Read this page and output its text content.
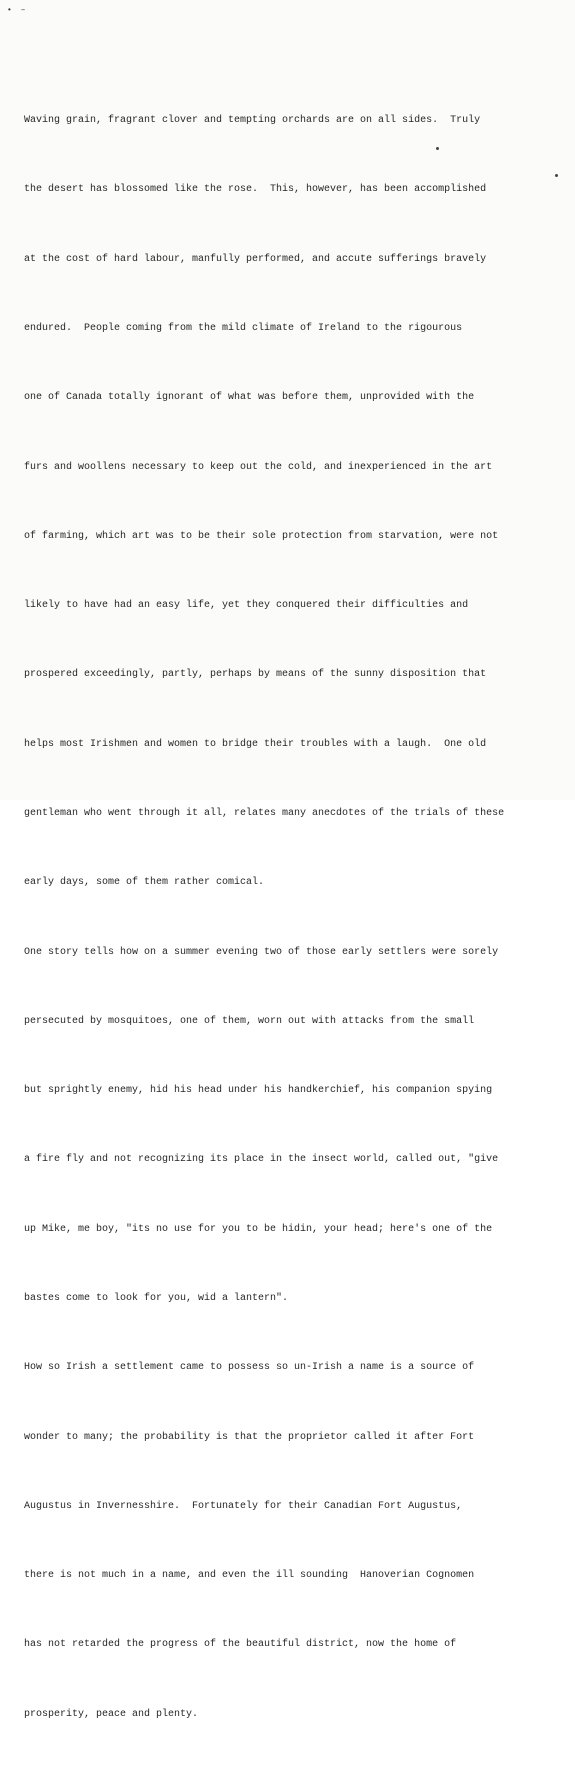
• –

Waving grain, fragrant clover and tempting orchards are on all sides.  Truly

the desert has blossomed like the rose.  This, however, has been accomplished

at the cost of hard labour, manfully performed, and accute sufferings bravely

endured.  People coming from the mild climate of Ireland to the rigourous

one of Canada totally ignorant of what was before them, unprovided with the

furs and woollens necessary to keep out the cold, and inexperienced in the art

of farming, which art was to be their sole protection from starvation, were not

likely to have had an easy life, yet they conquered their difficulties and

prospered exceedingly, partly, perhaps by means of the sunny disposition that

helps most Irishmen and women to bridge their troubles with a laugh.  One old

gentleman who went through it all, relates many anecdotes of the trials of these

early days, some of them rather comical.

One story tells how on a summer evening two of those early settlers were sorely

persecuted by mosquitoes, one of them, worn out with attacks from the small

but sprightly enemy, hid his head under his handkerchief, his companion spying

a fire fly and not recognizing its place in the insect world, called out, "give

up Mike, me boy, "its no use for you to be hidin, your head; here's one of the

bastes come to look for you, wid a lantern".

How so Irish a settlement came to possess so un-Irish a name is a source of

wonder to many; the probability is that the proprietor called it after Fort

Augustus in Invernesshire.  Fortunately for their Canadian Fort Augustus,

there is not much in a name, and even the ill sounding  Hanoverian Cognomen

has not retarded the progress of the beautiful district, now the home of

prosperity, peace and plenty.
